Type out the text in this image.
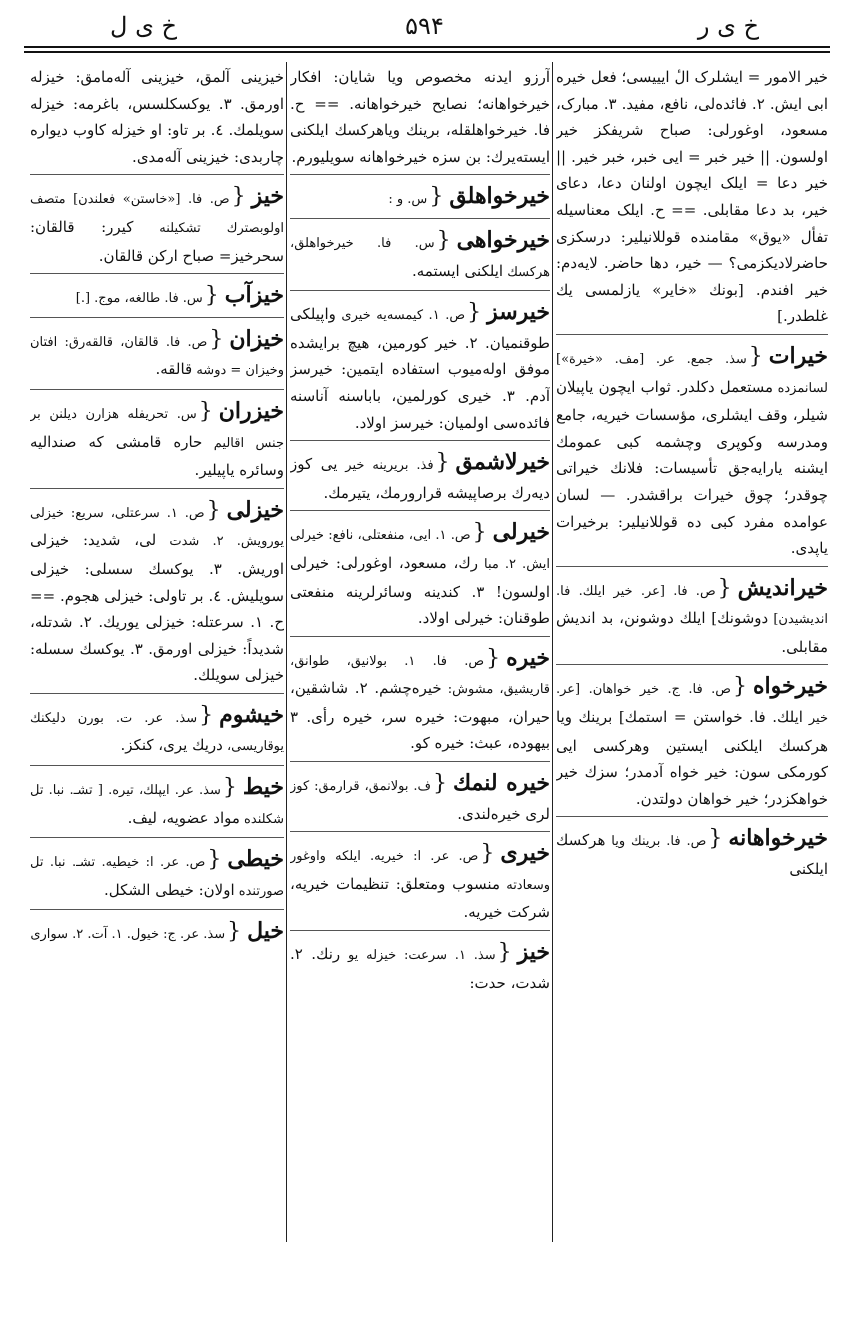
خ ی ر
۵۹۴
خ ی ل
خیر الامور = ایشلرک الٔ ایییسی؛ فعل خیره ابی ایش. ۲. فائده‌لی، نافع، مفید. ۳. مبارک، مسعود، اوغورلی: صباح شریفکز خیر اولسون. || خیر خبر = ایی خبر، خبر خیر. || خیر دعا = ایلک ایچون اولنان دعا، دعای خیر، بد دعا مقابلی. == ح. ایلک معناسیله تفأل «یوق» مقامنده قوللانیلیر: درسکزی حاضرلادیکزمی؟ — خیر، دها حاضر. لایه‌دم: خیر افندم. [بونك «خاير» یازلمسی یك غلطدر.]
خیرات{سذ. جمع. عر. [مف. «خیرة»] لسانمزده مستعمل دکلدر. ثواب ایچون یاپیلان شیلر، وقف ایشلری، مؤسسات خیریه، جامع ومدرسه وکوپری وچشمه کبی عمومك ایشنه یارایه‌جق تأسیسات: فلانك خیراتی چوقدر؛ چوق خیرات براقشدر. — لسان عوامده مفرد کبی ده قوللانیلیر: برخیرات یاپدی.
خیراندیش{ص. فا. [عر. خیر ایلك. فا. اندیشیدن] دوشونك] ایلك دوشونن، بد اندیش مقابلی.
خیرخواه{ص. فا. ج. خیر خواهان. [عر. خیر ایلك. فا. خواستن = استمك] برینك ویا هرکسك ایلکنی ایستین وهرکسی ایی کورمکی سون: خیر خواه آدمدر؛ سزك خیر خواهکزدر؛ خیر خواهان دولتدن.
خیرخواهانه{ص. فا. برینك ویا هرکسك ایلکنی
آرزو ایدنه مخصوص ویا شایان: افکار خیرخواهانه؛ نصایح خیرخواهانه. == ح. فا. خیرخواهلقله، برینك ویاهرکسك ایلکنی ایسته‌یرك: بن سزه خیرخواهانه سویلیورم.
خیرخواهلق{س. و :
خیرخواهی{س. فا. خیرخواهلق، هرکسك ایلکنی ایستمه.
خیرسز{ص. ۱. کیمسه‌یه خیری واپیلکی طوقنمیان. ۲. خیر کورمین، هیچ برایشده موفق اوله‌میوب استفاده ایتمین: خیرسز آدم. ۳. خیری کورلمین، باباسنه آناسنه فائده‌سی اولمیان: خیرسز اولاد.
خیرلاشمق{فذ. بریرینه خیر یی کوز دیه‌رك برصاپیشه قرارورمك، یتیرمك.
خیرلی{ص. ۱. ایی، منفعتلی، نافع: خیرلی ایش. ۲. مبا رك، مسعود، اوغورلی: خیرلی اولسون! ۳. کندینه وسائرلرینه منفعتی طوقنان: خیرلی اولاد.
خیره{ص. فا. ۱. بولانیق، طوانق، قاریشیق، مشوش: خیره‌چشم. ۲. شاشقین، حیران، مبهوت: خیره سر، خیره رأی. ۳ بیهوده، عبث: خیره کو.
خیره لنمك{ف. بولانمق، قرارمق: کوز لری خیره‌لندی.
خیری{ص. عر. ا: خیریه. ایلکه واوغور وسعادته منسوب ومتعلق: تنظیمات خیریه، شرکت خیریه.
خیز{سذ. ۱. سرعت: خیزله یو رنك. ۲. شدت، حدت:
خیزینی آلمق، خیزینی آله‌مامق: خیزله اورمق. ۳. یوکسکلسس، باغرمه: خیزله سویلمك. ٤. بر تاو: او خیزله کاوب دیواره چاربدی: خیزینی آله‌مدی.
خیز{ص. فا. [«خاستن» فعلندن] متصف اولوبصترك تشکیلنه کیرر: قالقان: سحرخیز= صباح ارکن قالقان.
خیزآب{س. فا. طالغه، موج. [.]
خیزان{ص. فا. قالقان، قالقه‌رق: افتان وخیزان = دوشه قالقه.
خیزران{س. تحریفله هزارن دیلنن بر جنس اقالیم حاره قامشی که صندالیه وسائره یاپیلیر.
خیزلی{ص. ۱. سرعتلی، سریع: خیزلی یورویش. ۲. شدت لی، شدید: خیزلی اوریش. ۳. یوکسك سسلی: خیزلی سویلیش. ٤. بر تاولی: خیزلی هجوم. == ح. ۱. سرعتله: خیزلی یوریك. ۲. شدتله، شدیداً: خیزلی اورمق. ۳. یوکسك سسله: خیزلی سویلك.
خیشوم{سذ. عر. ت. بورن دلیکنك یوقاریسی، دریك یری، کنکز.
خیط{سذ. عر. ایپلك، تیره. [ تشـ. نبا. تل شکلنده مواد عضویه، لیف.
خیطی{ص. عر. ا: خیطیه. تشـ. نبا. تل صورتنده اولان: خیطی الشکل.
خیل{سذ. عر. ج: خیول. ۱. آت. ۲. سواری
